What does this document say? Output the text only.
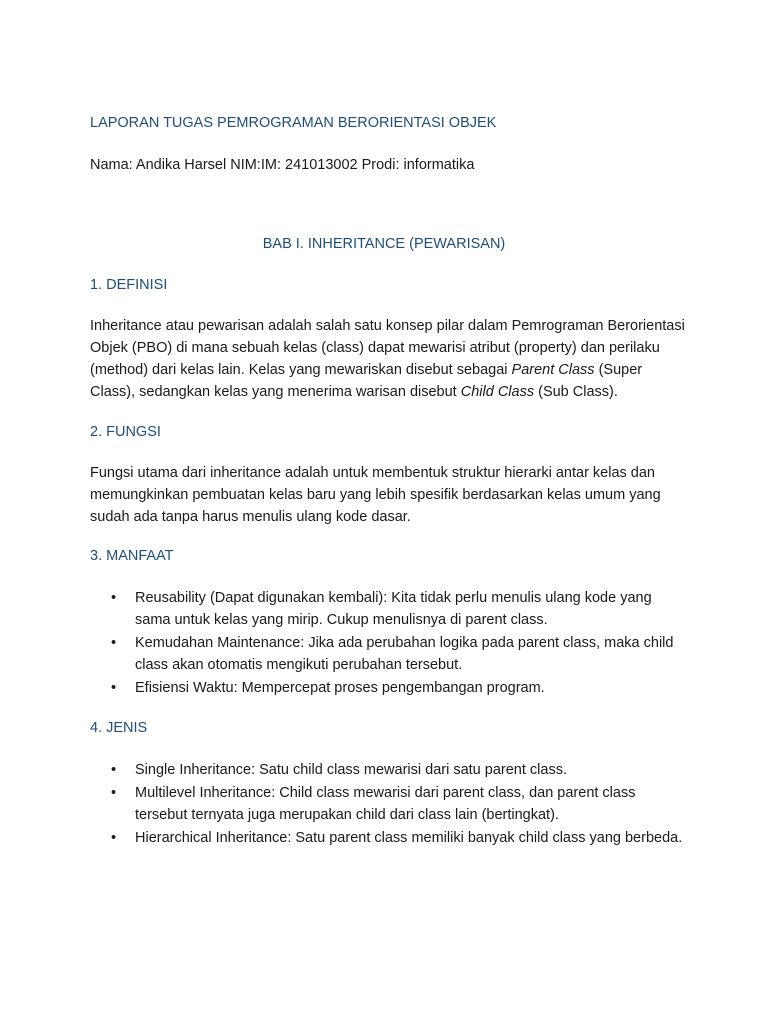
LAPORAN TUGAS PEMROGRAMAN BERORIENTASI OBJEK
Nama: Andika Harsel NIM:IM: 241013002 Prodi: informatika
BAB I. INHERITANCE (PEWARISAN)
1. DEFINISI
Inheritance atau pewarisan adalah salah satu konsep pilar dalam Pemrograman Berorientasi Objek (PBO) di mana sebuah kelas (class) dapat mewarisi atribut (property) dan perilaku (method) dari kelas lain. Kelas yang mewariskan disebut sebagai Parent Class (Super Class), sedangkan kelas yang menerima warisan disebut Child Class (Sub Class).
2. FUNGSI
Fungsi utama dari inheritance adalah untuk membentuk struktur hierarki antar kelas dan memungkinkan pembuatan kelas baru yang lebih spesifik berdasarkan kelas umum yang sudah ada tanpa harus menulis ulang kode dasar.
3. MANFAAT
• Reusability (Dapat digunakan kembali): Kita tidak perlu menulis ulang kode yang sama untuk kelas yang mirip. Cukup menulisnya di parent class.
• Kemudahan Maintenance: Jika ada perubahan logika pada parent class, maka child class akan otomatis mengikuti perubahan tersebut.
• Efisiensi Waktu: Mempercepat proses pengembangan program.
4. JENIS
• Single Inheritance: Satu child class mewarisi dari satu parent class.
• Multilevel Inheritance: Child class mewarisi dari parent class, dan parent class tersebut ternyata juga merupakan child dari class lain (bertingkat).
• Hierarchical Inheritance: Satu parent class memiliki banyak child class yang berbeda.
